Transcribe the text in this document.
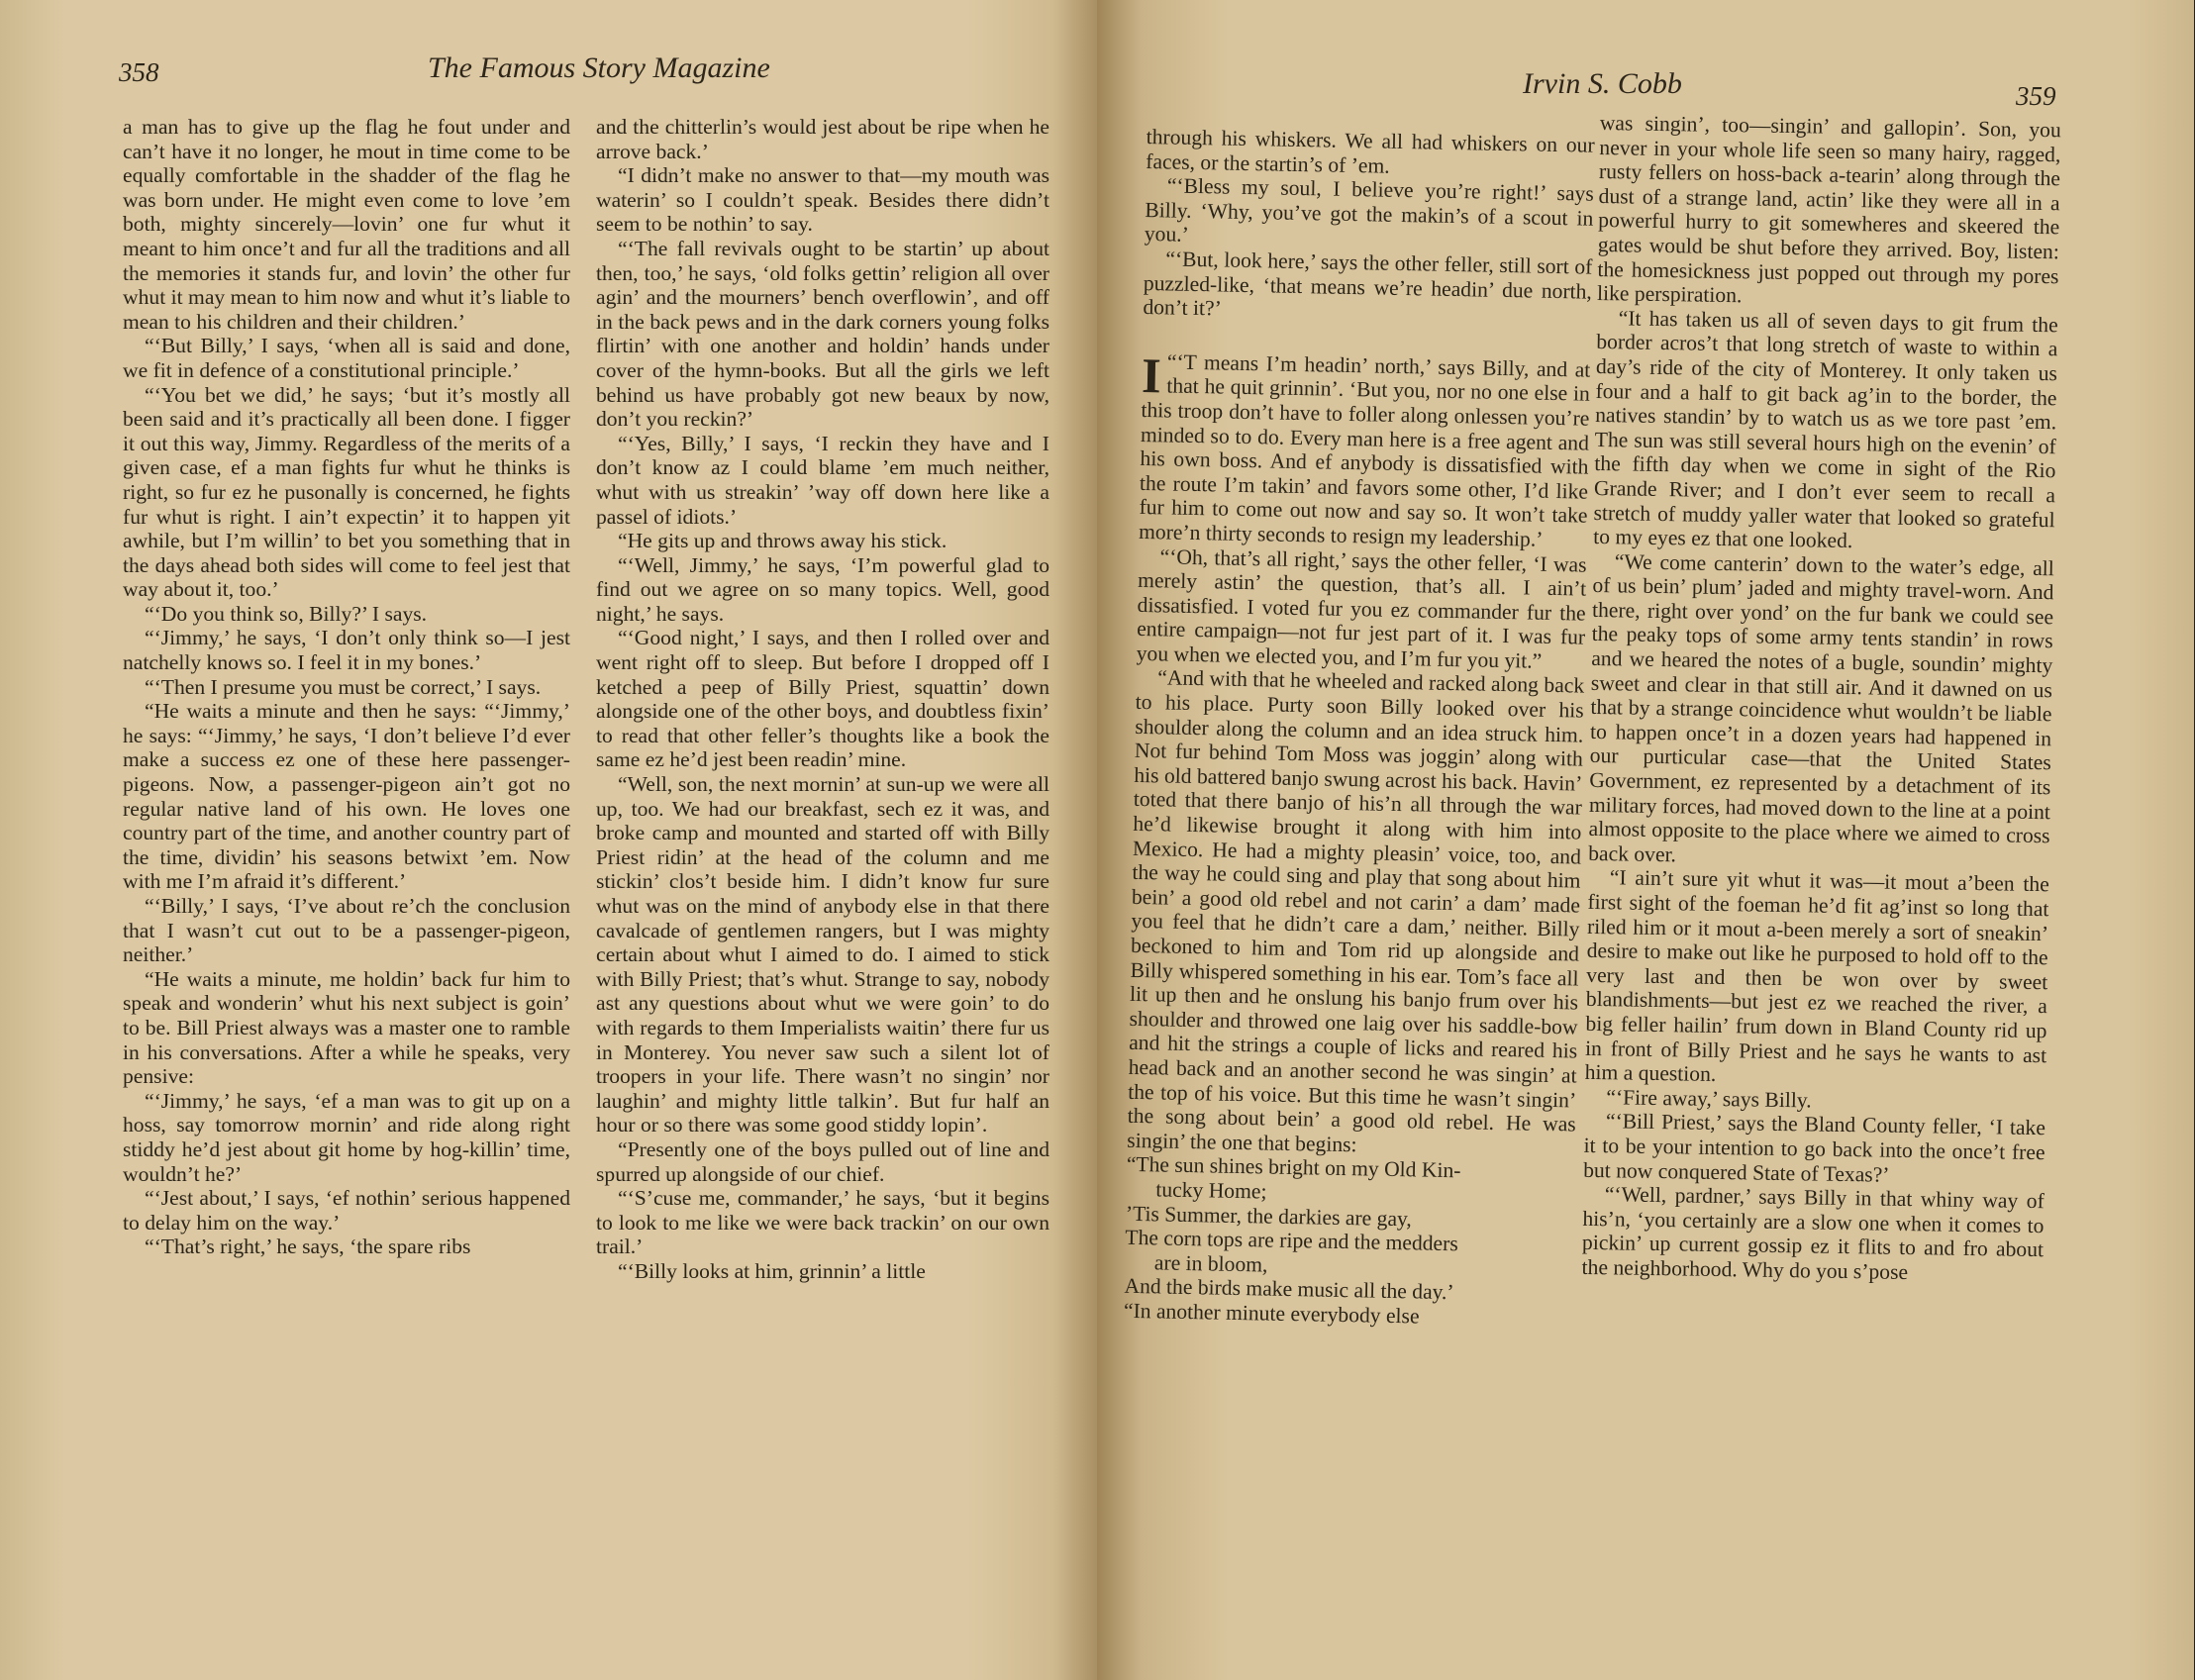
358	The Famous Story Magazine

a man has to give up the flag he fout under and can’t have it no longer, he mout in time come to be equally comfortable in the shadder of the flag he was born under. He might even come to love ’em both, mighty sincerely—lovin’ one fur whut it meant to him once’t and fur all the traditions and all the memories it stands fur, and lovin’ the other fur whut it may mean to him now and whut it’s liable to mean to his children and their children.’

“‘But Billy,’ I says, ‘when all is said and done, we fit in defence of a constitutional principle.’

“‘You bet we did,’ he says; ‘but it’s mostly all been said and it’s practically all been done. I figger it out this way, Jimmy. Regardless of the merits of a given case, ef a man fights fur whut he thinks is right, so fur ez he pusonally is concerned, he fights fur whut is right. I ain’t expectin’ it to happen yit awhile, but I’m willin’ to bet you something that in the days ahead both sides will come to feel jest that way about it, too.’

“‘Do you think so, Billy?’ I says.

“‘Jimmy,’ he says, ‘I don’t only think so—I jest natchelly knows so. I feel it in my bones.’

“‘Then I presume you must be correct,’ I says.

“He waits a minute and then he says: “‘Jimmy,’ he says: “‘Jimmy,’ he says, ‘I don’t believe I’d ever make a success ez one of these here passenger-pigeons. Now, a passenger-pigeon ain’t got no regular native land of his own. He loves one country part of the time, and another country part of the time, dividin’ his seasons betwixt ’em. Now with me I’m afraid it’s different.’

“‘Billy,’ I says, ‘I’ve about re’ch the conclusion that I wasn’t cut out to be a passenger-pigeon, neither.’

“He waits a minute, me holdin’ back fur him to speak and wonderin’ whut his next subject is goin’ to be. Bill Priest always was a master one to ramble in his conversations. After a while he speaks, very pensive:

“‘Jimmy,’ he says, ‘ef a man was to git up on a hoss, say tomorrow mornin’ and ride along right stiddy he’d jest about git home by hog-killin’ time, wouldn’t he?’

“‘Jest about,’ I says, ‘ef nothin’ serious happened to delay him on the way.’

“‘That’s right,’ he says, ‘the spare ribs

and the chitterlin’s would jest about be ripe when he arrove back.’

“I didn’t make no answer to that—my mouth was waterin’ so I couldn’t speak. Besides there didn’t seem to be nothin’ to say.

“‘The fall revivals ought to be startin’ up about then, too,’ he says, ‘old folks gettin’ religion all over agin’ and the mourners’ bench overflowin’, and off in the back pews and in the dark corners young folks flirtin’ with one another and holdin’ hands under cover of the hymn-books. But all the girls we left behind us have probably got new beaux by now, don’t you reckin?’

“‘Yes, Billy,’ I says, ‘I reckin they have and I don’t know az I could blame ’em much neither, whut with us streakin’ ’way off down here like a passel of idiots.’

“He gits up and throws away his stick.

“‘Well, Jimmy,’ he says, ‘I’m powerful glad to find out we agree on so many topics. Well, good night,’ he says.

“‘Good night,’ I says, and then I rolled over and went right off to sleep. But before I dropped off I ketched a peep of Billy Priest, squattin’ down alongside one of the other boys, and doubtless fixin’ to read that other feller’s thoughts like a book the same ez he’d jest been readin’ mine.

“Well, son, the next mornin’ at sun-up we were all up, too. We had our breakfast, sech ez it was, and broke camp and mounted and started off with Billy Priest ridin’ at the head of the column and me stickin’ clos’t beside him. I didn’t know fur sure whut was on the mind of anybody else in that there cavalcade of gentlemen rangers, but I was mighty certain about whut I aimed to do. I aimed to stick with Billy Priest; that’s whut. Strange to say, nobody ast any questions about whut we were goin’ to do with regards to them Imperialists waitin’ there fur us in Monterey. You never saw such a silent lot of troopers in your life. There wasn’t no singin’ nor laughin’ and mighty little talkin’. But fur half an hour or so there was some good stiddy lopin’.

“Presently one of the boys pulled out of line and spurred up alongside of our chief.

“‘S’cuse me, commander,’ he says, ‘but it begins to look to me like we were back trackin’ on our own trail.’

“‘Billy looks at him, grinnin’ a little

Irvin S. Cobb	359

through his whiskers. We all had whiskers on our faces, or the startin’s of ’em.

“‘Bless my soul, I believe you’re right!’ says Billy. ‘Why, you’ve got the makin’s of a scout in you.’

“‘But, look here,’ says the other feller, still sort of puzzled-like, ‘that means we’re headin’ due north, don’t it?’

“‘
I T means I’m headin’ north,’ says Billy, and at that he quit grinnin’. ‘But you, nor no one else in this troop don’t have to foller along onlessen you’re minded so to do. Every man here is a free agent and his own boss. And ef anybody is dissatisfied with the route I’m takin’ and favors some other, I’d like fur him to come out now and say so. It won’t take more’n thirty seconds to resign my leadership.’

“‘Oh, that’s all right,’ says the other feller, ‘I was merely astin’ the question, that’s all. I ain’t dissatisfied. I voted fur you ez commander fur the entire campaign—not fur jest part of it. I was fur you when we elected you, and I’m fur you yit.”

“And with that he wheeled and racked along back to his place. Purty soon Billy looked over his shoulder along the column and an idea struck him. Not fur behind Tom Moss was joggin’ along with his old battered banjo swung acrost his back. Havin’ toted that there banjo of his’n all through the war he’d likewise brought it along with him into Mexico. He had a mighty pleasin’ voice, too, and the way he could sing and play that song about him bein’ a good old rebel and not carin’ a dam’ made you feel that he didn’t care a dam,’ neither. Billy beckoned to him and Tom rid up alongside and Billy whispered something in his ear. Tom’s face all lit up then and he onslung his banjo frum over his shoulder and throwed one laig over his saddle-bow and hit the strings a couple of licks and reared his head back and an another second he was singin’ at the top of his voice. But this time he wasn’t singin’ the song about bein’ a good old rebel. He was singin’ the one that begins:

“The sun shines bright on my Old Kin-

tucky Home;

’Tis Summer, the darkies are gay,

The corn tops are ripe and the medders

are in bloom,

And the birds make music all the day.’

“In another minute everybody else

was singin’, too—singin’ and gallopin’. Son, you never in your whole life seen so many hairy, ragged, rusty fellers on hoss-back a-tearin’ along through the dust of a strange land, actin’ like they were all in a powerful hurry to git somewheres and skeered the gates would be shut before they arrived. Boy, listen: the homesickness just popped out through my pores like perspiration.

“It has taken us all of seven days to git frum the border acros’t that long stretch of waste to within a day’s ride of the city of Monterey. It only taken us four and a half to git back ag’in to the border, the natives standin’ by to watch us as we tore past ’em. The sun was still several hours high on the evenin’ of the fifth day when we come in sight of the Rio Grande River; and I don’t ever seem to recall a stretch of muddy yaller water that looked so grateful to my eyes ez that one looked.

“We come canterin’ down to the water’s edge, all of us bein’ plum’ jaded and mighty travel-worn. And there, right over yond’ on the fur bank we could see the peaky tops of some army tents standin’ in rows and we heared the notes of a bugle, soundin’ mighty sweet and clear in that still air. And it dawned on us that by a strange coincidence whut wouldn’t be liable to happen once’t in a dozen years had happened in our purticular case—that the United States Government, ez represented by a detachment of its military forces, had moved down to the line at a point almost opposite to the place where we aimed to cross back over.

“I ain’t sure yit whut it was—it mout a’been the first sight of the foeman he’d fit ag’inst so long that riled him or it mout a-been merely a sort of sneakin’ desire to make out like he purposed to hold off to the very last and then be won over by sweet blandishments—but jest ez we reached the river, a big feller hailin’ frum down in Bland County rid up in front of Billy Priest and he says he wants to ast him a question.

“‘Fire away,’ says Billy.

“‘Bill Priest,’ says the Bland County feller, ‘I take it to be your intention to go back into the once’t free but now conquered State of Texas?’

“‘Well, pardner,’ says Billy in that whiny way of his’n, ‘you certainly are a slow one when it comes to pickin’ up current gossip ez it flits to and fro about the neighborhood. Why do you s’pose
